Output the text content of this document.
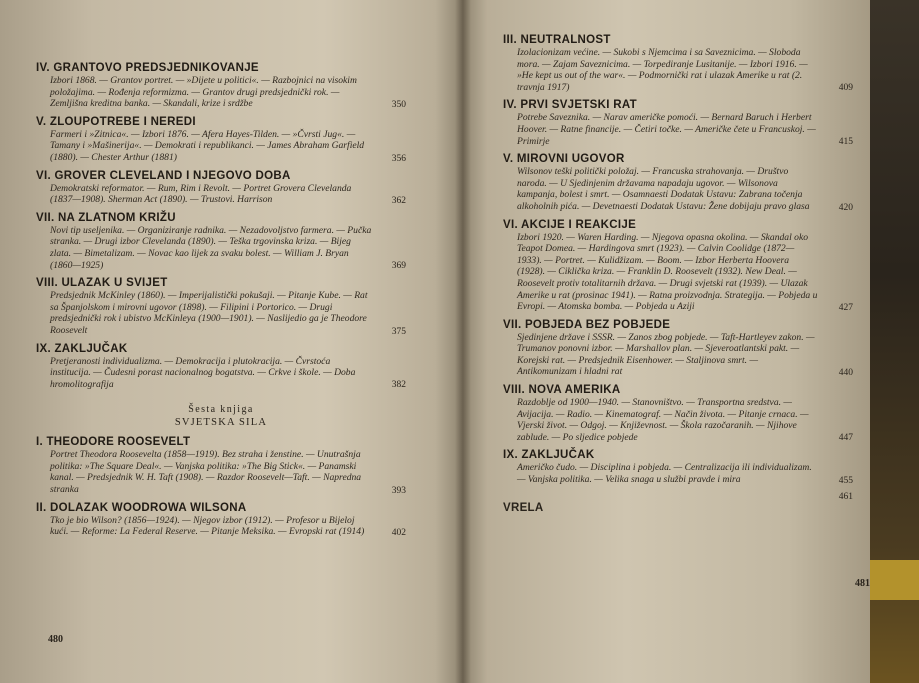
IV. GRANTOVO PREDSJEDNIKOVANJE
Izbori 1868. — Grantov portret. — »Dijete u politici«. — Razbojnici na visokim položajima. — Rođenja reformizma. — Grantov drugi predsjednički rok. — Zemljišna kreditna banka. — Skandali, krize i srdžbe	350
V. ZLOUPOTREBE I NEREDI
Farmeri i »Zitnica«. — Izbori 1876. — Afera Hayes-Tilden. — »Čvrsti Jug«. — Tamany i »Mašinerija«. — Demokrati i republikanci. — James Abraham Garfield (1880). — Chester Arthur (1881)	356
VI. GROVER CLEVELAND I NJEGOVO DOBA
Demokratski reformator. — Rum, Rim i Revolt. — Portret Grovera Clevelanda (1837—1908). Sherman Act (1890). — Trustovi. Harrison	362
VII. NA ZLATNOM KRIŽU
Novi tip useljenika. — Organiziranje radnika. — Nezadovoljstvo farmera. — Pučka stranka. — Drugi izbor Clevelanda (1890). — Teška trgovinska kriza. — Bijeg zlata. — Bimetalizam. — Novac kao lijek za svaku bolest. — William J. Bryan (1860—1925)	369
VIII. ULAZAK U SVIJET
Predsjednik McKinley (1860). — Imperijalistički pokušaji. — Pitanje Kube. — Rat sa Španjolskom i mirovni ugovor (1898). — Filipini i Portorico. — Drugi predsjednički rok i ubistvo McKinleya (1900—1901). — Naslijedio ga je Theodore Roosevelt	375
IX. ZAKLJUČAK
Pretjeranosti individualizma. — Demokracija i plutokracija. — Čvrstoća institucija. — Čudesni porast nacionalnog bogatstva. — Crkve i škole. — Doba hromolitografija	382
Šesta knjiga
SVJETSKA SILA
I. THEODORE ROOSEVELT
Portret Theodora Roosevelta (1858—1919). Bez straha i ženstine. — Unutrašnja politika: »The Square Deal«. — Vanjska politika: »The Big Stick«. — Panamski kanal. — Predsjednik W. H. Taft (1908). — Razdor Roosevelt—Taft. — Napredna stranka	393
II. DOLAZAK WOODROWA WILSONA
Tko je bio Wilson? (1856—1924). — Njegov izbor (1912). — Profesor u Bijeloj kući. — Reforme: La Federal Reserve. — Pitanje Meksika. — Evropski rat (1914)	402
480
III. NEUTRALNOST
Izolacionizam većine. — Sukobi s Njemcima i sa Saveznicima. — Sloboda mora. — Zajam Saveznicima. — Torpediranje Lusitanije. — Izbori 1916. — »He kept us out of the war«. — Podmornički rat i ulazak Amerike u rat (2. travnja 1917)	409
IV. PRVI SVJETSKI RAT
Potrebe Saveznika. — Narav američke pomoći. — Bernard Baruch i Herbert Hoover. — Ratne financije. — Četiri točke. — Američke čete u Francuskoj. — Primirje	415
V. MIROVNI UGOVOR
Wilsonov teški politički položaj. — Francuska strahovanja. — Društvo naroda. — U Sjedinjenim državama napadaju ugovor. — Wilsonova kampanja, bolest i smrt. — Osamnaesti Dodatak Ustavu: Zabrana točenja alkoholnih pića. — Devetnaesti Dodatak Ustavu: Žene dobijaju pravo glasa	420
VI. AKCIJE I REAKCIJE
Izbori 1920. — Waren Harding. — Njegova opasna okolina. — Skandal oko Teapot Domea. — Hardingova smrt (1923). — Calvin Coolidge (1872—1933). — Portret. — Kulidžizam. — Boom. — Izbor Herberta Hoovera (1928). — Ciklička kriza. — Franklin D. Roosevelt (1932). New Deal. — Roosevelt protiv totalitarnih država. — Drugi svjetski rat (1939). — Ulazak Amerike u rat (prosinac 1941). — Ratna proizvodnja. Strategija. — Pobjeda u Evropi. — Atomska bomba. — Pobjeda u Aziji	427
VII. POBJEDA BEZ POBJEDE
Sjedinjene države i SSSR. — Zanos zbog pobjede. — Taft-Hartleyev zakon. — Trumanov ponovni izbor. — Marshallov plan. — Sjeveroatlantski pakt. — Korejski rat. — Predsjednik Eisenhower. — Staljinova smrt. — Antikomunizam i hladni rat	440
VIII. NOVA AMERIKA
Razdoblje od 1900—1940. — Stanovništvo. — Transportna sredstva. — Avijacija. — Radio. — Kinematograf. — Način života. — Pitanje crnaca. — Vjerski život. — Odgoj. — Književnost. — Škola razočaranih. — Njihove zablude. — Po sljedice pobjede	447
IX. ZAKLJUČAK
Američko čudo. — Disciplina i pobjeda. — Centralizacija ili individualizam. — Vanjska politika. — Velika snaga u službi pravde i mira	455
VRELA
461
481
